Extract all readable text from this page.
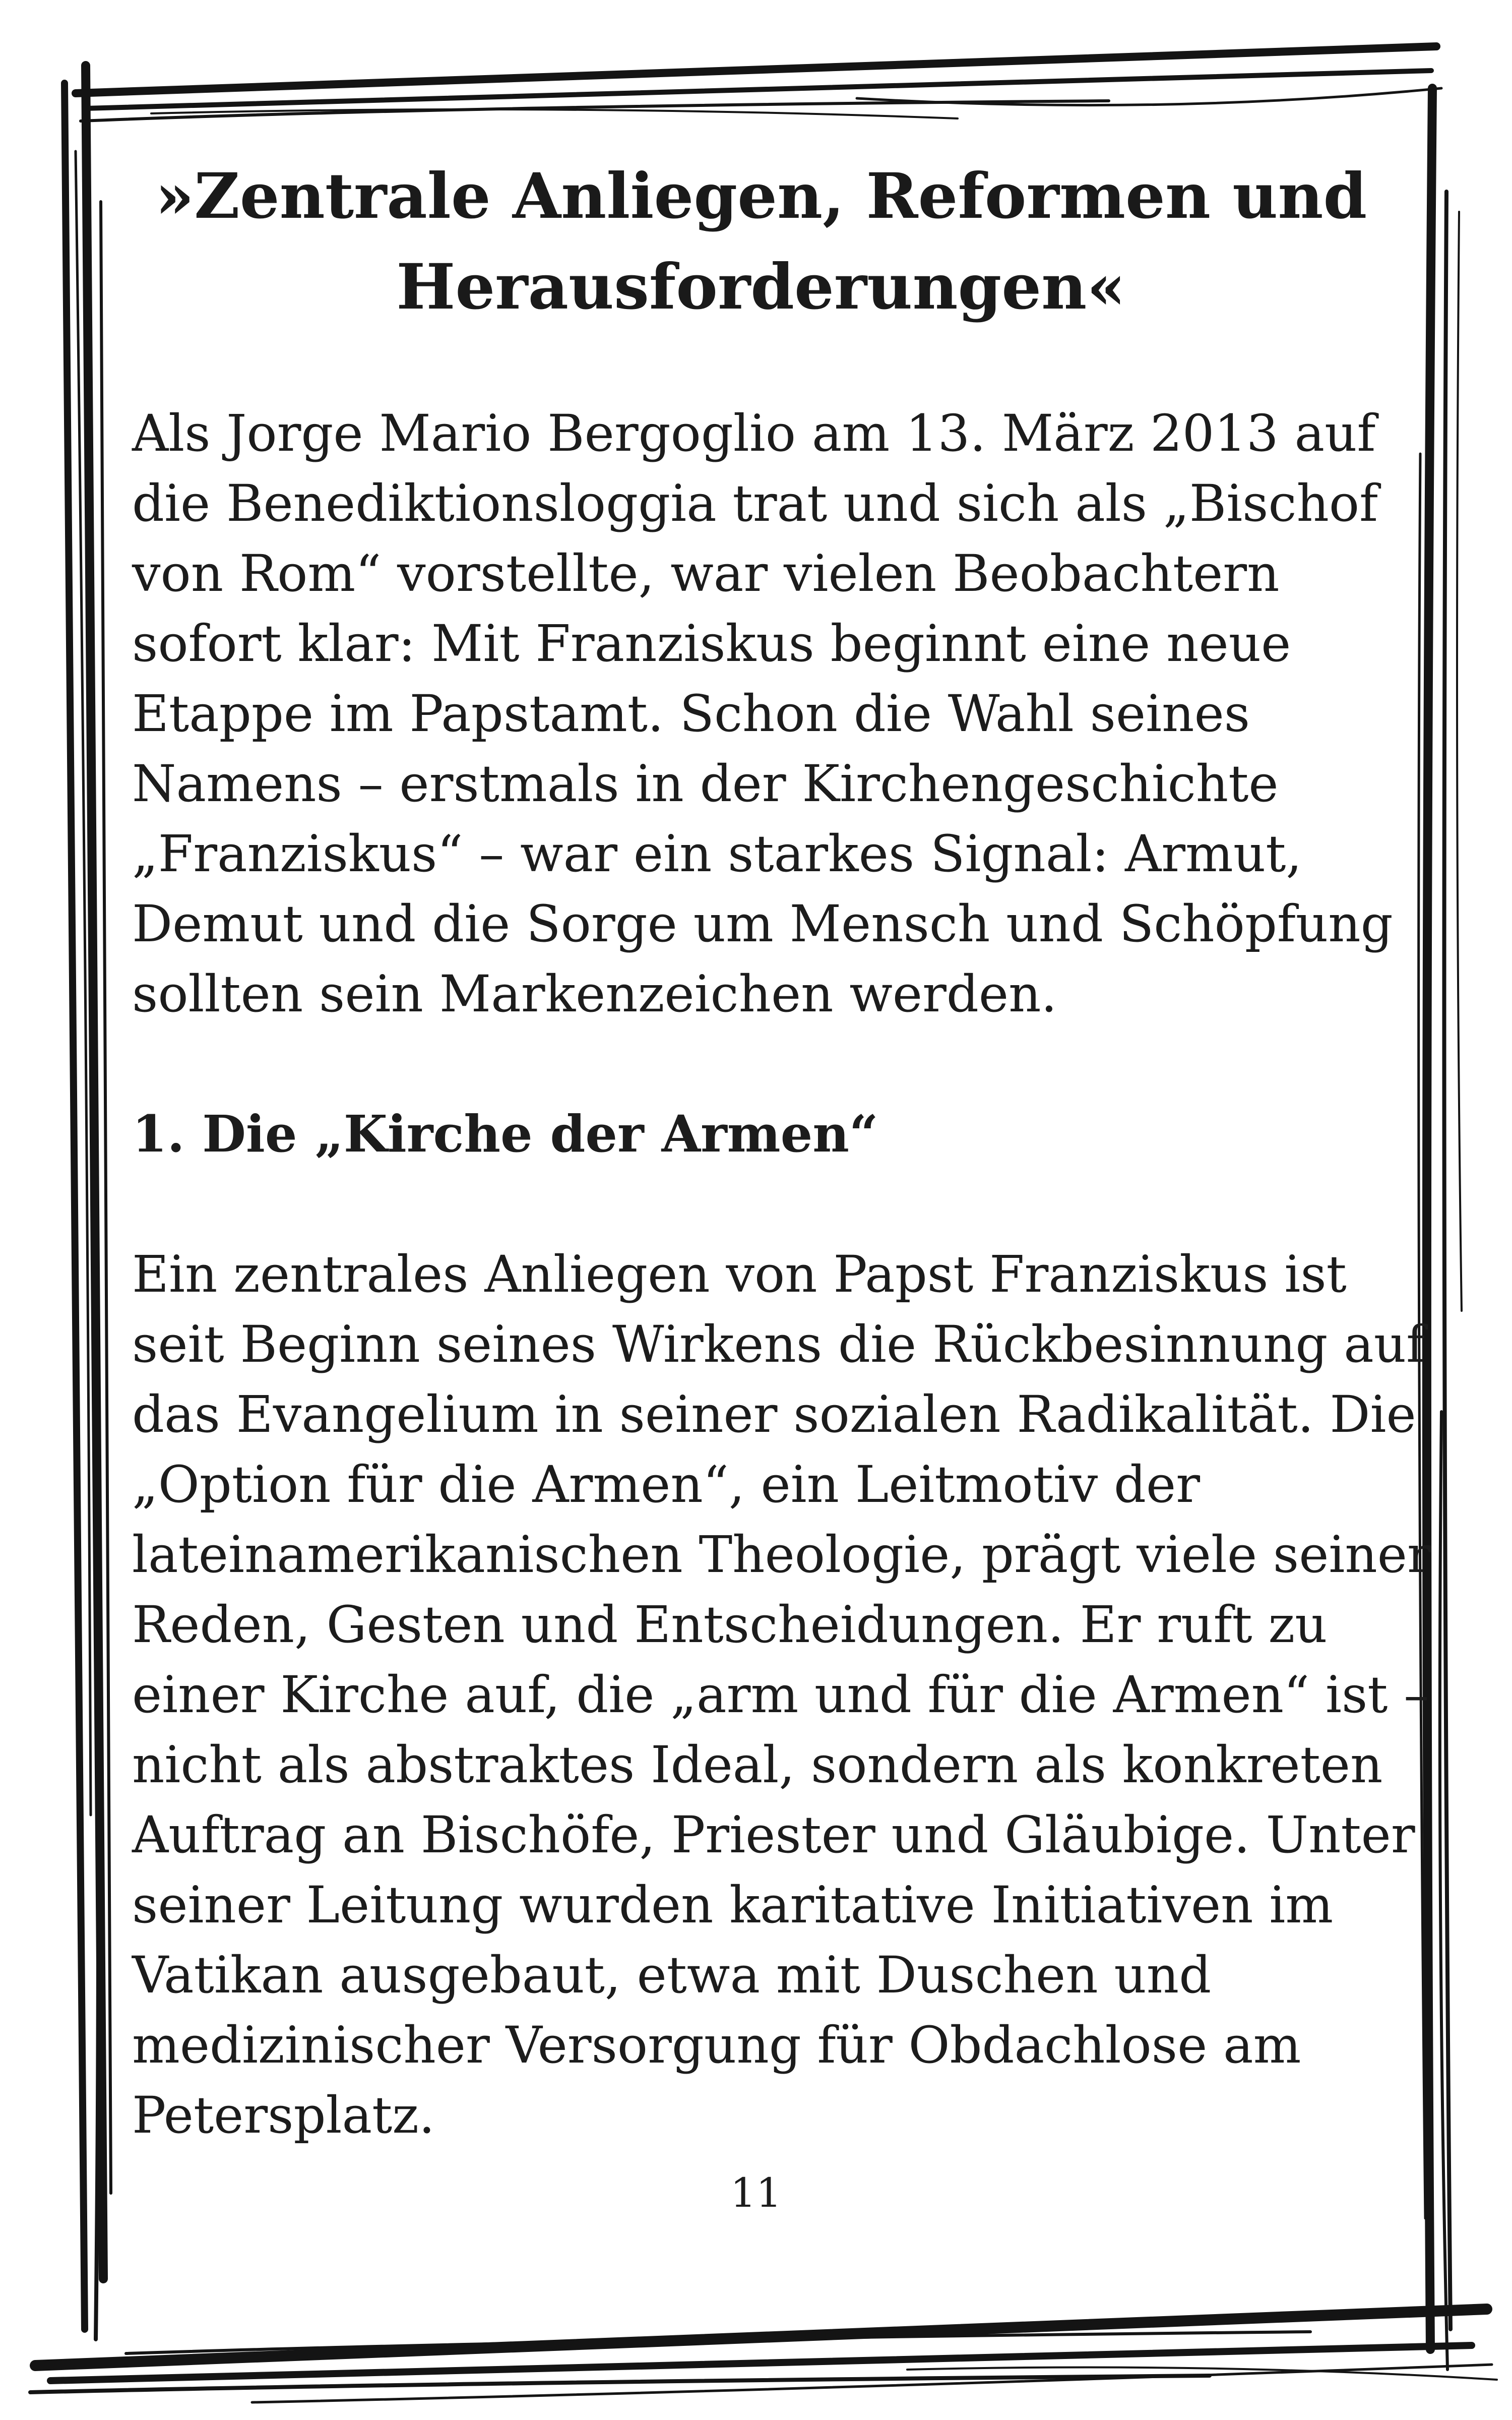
»Zentrale Anliegen, Reformen und Herausforderungen«

Als Jorge Mario Bergoglio am 13. März 2013 auf die Benediktionsloggia trat und sich als „Bischof von Rom“ vorstellte, war vielen Beobachtern sofort klar: Mit Franziskus beginnt eine neue Etappe im Papstamt. Schon die Wahl seines Namens – erstmals in der Kirchengeschichte „Franziskus“ – war ein starkes Signal: Armut, Demut und die Sorge um Mensch und Schöpfung sollten sein Markenzeichen werden.

1. Die „Kirche der Armen“

Ein zentrales Anliegen von Papst Franziskus ist seit Beginn seines Wirkens die Rückbesinnung auf das Evangelium in seiner sozialen Radikalität. Die „Option für die Armen“, ein Leitmotiv der lateinamerikanischen Theologie, prägt viele seiner Reden, Gesten und Entscheidungen. Er ruft zu einer Kirche auf, die „arm und für die Armen“ ist – nicht als abstraktes Ideal, sondern als konkreten Auftrag an Bischöfe, Priester und Gläubige. Unter seiner Leitung wurden karitative Initiativen im Vatikan ausgebaut, etwa mit Duschen und medizinischer Versorgung für Obdachlose am Petersplatz.

11
